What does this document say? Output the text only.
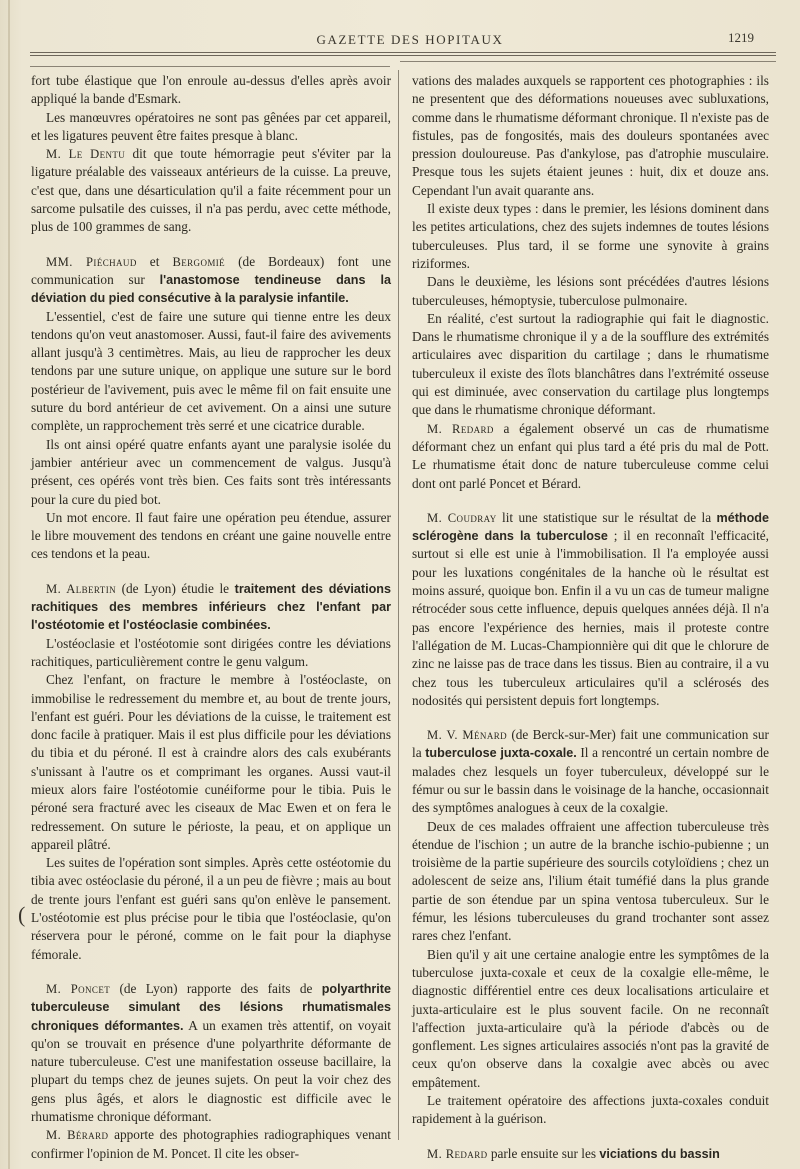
GAZETTE DES HOPITAUX	1219

fort tube élastique que l'on enroule au-dessus d'elles après avoir appliqué la bande d'Esmark.

Les manœuvres opératoires ne sont pas gênées par cet appareil, et les ligatures peuvent être faites presque à blanc.

M. Le Dentu dit que toute hémorragie peut s'éviter par la ligature préalable des vaisseaux antérieurs de la cuisse. La preuve, c'est que, dans une désarticulation qu'il a faite récemment pour un sarcome pulsatile des cuisses, il n'a pas perdu, avec cette méthode, plus de 100 grammes de sang.

MM. Piéchaud et Bergomié (de Bordeaux) font une communication sur l'anastomose tendineuse dans la déviation du pied consécutive à la paralysie infantile.

L'essentiel, c'est de faire une suture qui tienne entre les deux tendons qu'on veut anastomoser. Aussi, faut-il faire des avivements allant jusqu'à 3 centimètres. Mais, au lieu de rapprocher les deux tendons par une suture unique, on applique une suture sur le bord postérieur de l'avivement, puis avec le même fil on fait ensuite une suture du bord antérieur de cet avivement. On a ainsi une suture complète, un rapprochement très serré et une cicatrice durable.

Ils ont ainsi opéré quatre enfants ayant une paralysie isolée du jambier antérieur avec un commencement de valgus. Jusqu'à présent, ces opérés vont très bien. Ces faits sont très intéressants pour la cure du pied bot.

Un mot encore. Il faut faire une opération peu étendue, assurer le libre mouvement des tendons en créant une gaine nouvelle entre ces tendons et la peau.

M. Albertin (de Lyon) étudie le traitement des déviations rachitiques des membres inférieurs chez l'enfant par l'ostéotomie et l'ostéoclasie combinées.

L'ostéoclasie et l'ostéotomie sont dirigées contre les déviations rachitiques, particulièrement contre le genu valgum.

Chez l'enfant, on fracture le membre à l'ostéoclaste, on immobilise le redressement du membre et, au bout de trente jours, l'enfant est guéri. Pour les déviations de la cuisse, le traitement est donc facile à pratiquer. Mais il est plus difficile pour les déviations du tibia et du péroné. Il est à craindre alors des cals exubérants s'unissant à l'autre os et comprimant les organes. Aussi vaut-il mieux alors faire l'ostéotomie cunéiforme pour le tibia. Puis le péroné sera fracturé avec les ciseaux de Mac Ewen et on fera le redressement. On suture le périoste, la peau, et on applique un appareil plâtré.

Les suites de l'opération sont simples. Après cette ostéotomie du tibia avec ostéoclasie du péroné, il a un peu de fièvre ; mais au bout de trente jours l'enfant est guéri sans qu'on enlève le pansement. L'ostéotomie est plus précise pour le tibia que l'ostéoclasie, qu'on réservera pour le péroné, comme on le fait pour la diaphyse fémorale.

M. Poncet (de Lyon) rapporte des faits de polyarthrite tuberculeuse simulant des lésions rhumatismales chroniques déformantes. A un examen très attentif, on voyait qu'on se trouvait en présence d'une polyarthrite déformante de nature tuberculeuse. C'est une manifestation osseuse bacillaire, la plupart du temps chez de jeunes sujets. On peut la voir chez des gens plus âgés, et alors le diagnostic est difficile avec le rhumatisme chronique déformant.

M. Bérard apporte des photographies radiographiques venant confirmer l'opinion de M. Poncet. Il cite les obser-

vations des malades auxquels se rapportent ces photographies : ils ne presentent que des déformations noueuses avec subluxations, comme dans le rhumatisme déformant chronique. Il n'existe pas de fistules, pas de fongosités, mais des douleurs spontanées avec pression douloureuse. Pas d'ankylose, pas d'atrophie musculaire. Presque tous les sujets étaient jeunes : huit, dix et douze ans. Cependant l'un avait quarante ans.

Il existe deux types : dans le premier, les lésions dominent dans les petites articulations, chez des sujets indemnes de toutes lésions tuberculeuses. Plus tard, il se forme une synovite à grains riziformes.

Dans le deuxième, les lésions sont précédées d'autres lésions tuberculeuses, hémoptysie, tuberculose pulmonaire.

En réalité, c'est surtout la radiographie qui fait le diagnostic. Dans le rhumatisme chronique il y a de la soufflure des extrémités articulaires avec disparition du cartilage ; dans le rhumatisme tuberculeux il existe des îlots blanchâtres dans l'extrémité osseuse qui est diminuée, avec conservation du cartilage plus longtemps que dans le rhumatisme chronique déformant.

M. Redard a également observé un cas de rhumatisme déformant chez un enfant qui plus tard a été pris du mal de Pott. Le rhumatisme était donc de nature tuberculeuse comme celui dont ont parlé Poncet et Bérard.

M. Coudray lit une statistique sur le résultat de la méthode sclérogène dans la tuberculose ; il en reconnaît l'efficacité, surtout si elle est unie à l'immobilisation. Il l'a employée aussi pour les luxations congénitales de la hanche où le résultat est moins assuré, quoique bon. Enfin il a vu un cas de tumeur maligne rétrocéder sous cette influence, depuis quelques années déjà. Il n'a pas encore l'expérience des hernies, mais il proteste contre l'allégation de M. Lucas-Championnière qui dit que le chlorure de zinc ne laisse pas de trace dans les tissus. Bien au contraire, il a vu chez tous les tuberculeux articulaires qu'il a sclérosés des nodosités qui persistent depuis fort longtemps.

M. V. Ménard (de Berck-sur-Mer) fait une communication sur la tuberculose juxta-coxale. Il a rencontré un certain nombre de malades chez lesquels un foyer tuberculeux, développé sur le fémur ou sur le bassin dans le voisinage de la hanche, occasionnait des symptômes analogues à ceux de la coxalgie.

Deux de ces malades offraient une affection tuberculeuse très étendue de l'ischion ; un autre de la branche ischio-pubienne ; un troisième de la partie supérieure des sourcils cotyloïdiens ; chez un adolescent de seize ans, l'ilium était tuméfié dans la plus grande partie de son étendue par un spina ventosa tuberculeux. Sur le fémur, les lésions tuberculeuses du grand trochanter sont assez rares chez l'enfant.

Bien qu'il y ait une certaine analogie entre les symptômes de la tuberculose juxta-coxale et ceux de la coxalgie elle-même, le diagnostic différentiel entre ces deux localisations articulaire et juxta-articulaire est le plus souvent facile. On ne reconnaît l'affection juxta-articulaire qu'à la période d'abcès ou de gonflement. Les signes articulaires associés n'ont pas la gravité de ceux qu'on observe dans la coxalgie avec abcès ou avec empâtement.

Le traitement opératoire des affections juxta-coxales conduit rapidement à la guérison.

M. Redard parle ensuite sur les viciations du bassin

(
